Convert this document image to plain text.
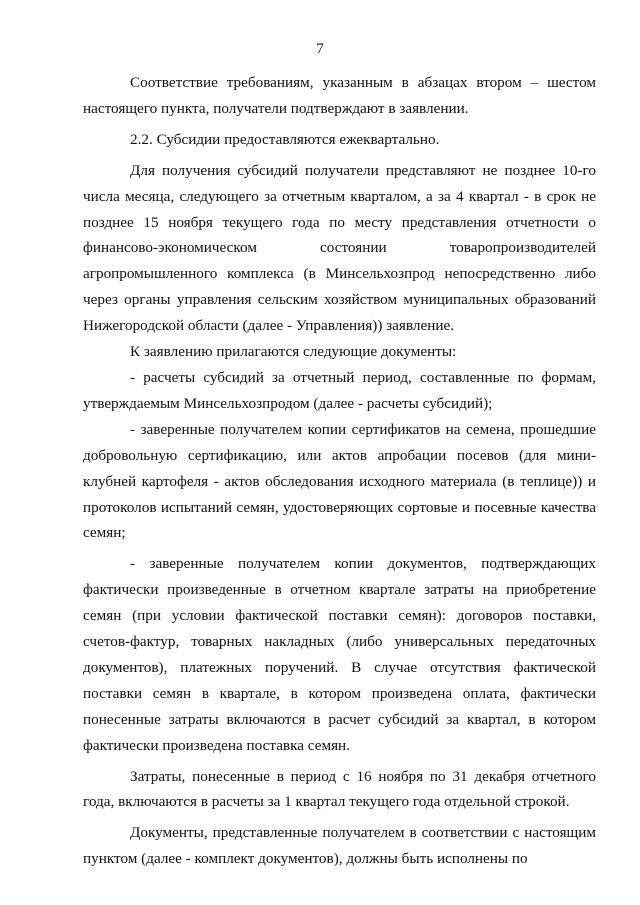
7

Соответствие требованиям, указанным в абзацах втором – шестом настоящего пункта, получатели подтверждают в заявлении.

2.2. Субсидии предоставляются ежеквартально.

Для получения субсидий получатели представляют не позднее 10-го числа месяца, следующего за отчетным кварталом, а за 4 квартал - в срок не позднее 15 ноября текущего года по месту представления отчетности о финансово-экономическом состоянии товаропроизводителей агропромышленного комплекса (в Минсельхозпрод непосредственно либо через органы управления сельским хозяйством муниципальных образований Нижегородской области (далее - Управления)) заявление.

К заявлению прилагаются следующие документы:

- расчеты субсидий за отчетный период, составленные по формам, утверждаемым Минсельхозпродом (далее - расчеты субсидий);

- заверенные получателем копии сертификатов на семена, прошедшие добровольную сертификацию, или актов апробации посевов (для мини-клубней картофеля - актов обследования исходного материала (в теплице)) и протоколов испытаний семян, удостоверяющих сортовые и посевные качества семян;

- заверенные получателем копии документов, подтверждающих фактически произведенные в отчетном квартале затраты на приобретение семян (при условии фактической поставки семян): договоров поставки, счетов-фактур, товарных накладных (либо универсальных передаточных документов), платежных поручений. В случае отсутствия фактической поставки семян в квартале, в котором произведена оплата, фактически понесенные затраты включаются в расчет субсидий за квартал, в котором фактически произведена поставка семян.

Затраты, понесенные в период с 16 ноября по 31 декабря отчетного года, включаются в расчеты за 1 квартал текущего года отдельной строкой.

Документы, представленные получателем в соответствии с настоящим пунктом (далее - комплект документов), должны быть исполнены по
